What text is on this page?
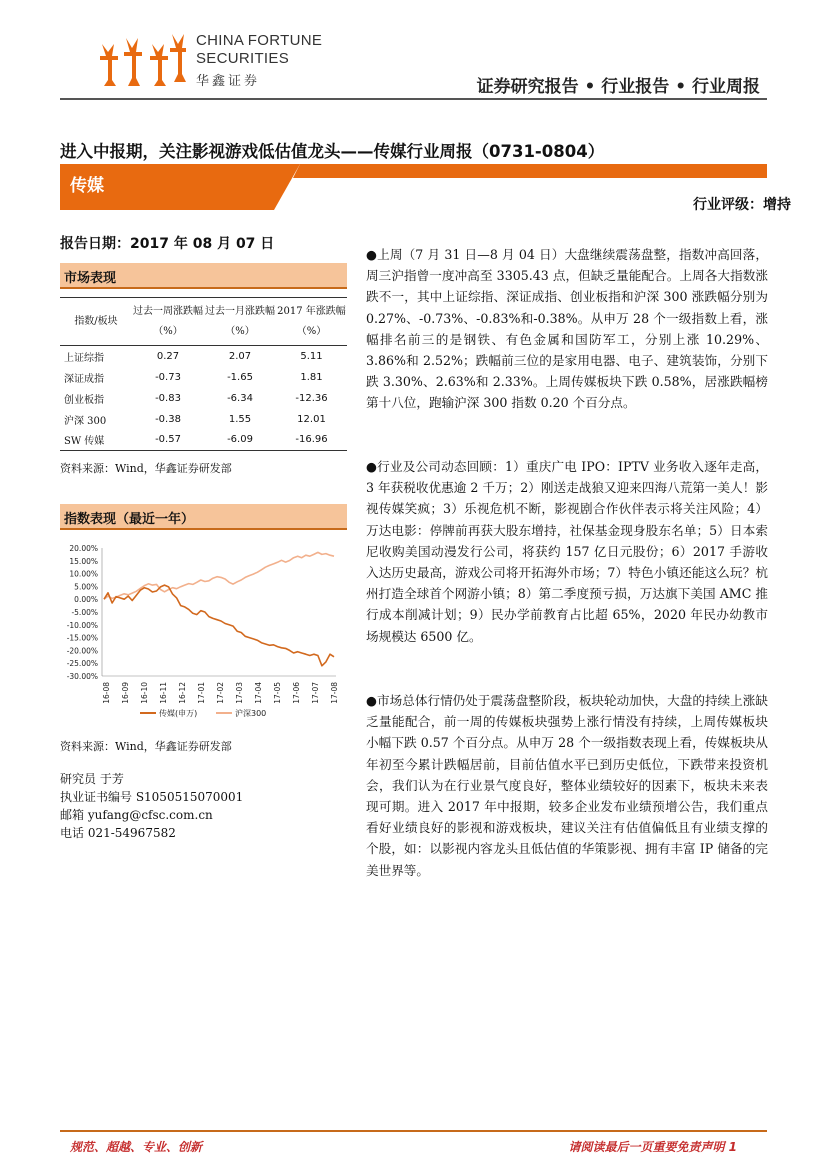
CHINA FORTUNE
SECURITIES
华鑫证券	证券研究报告 • 行业报告 • 行业周报
进入中报期，关注影视游戏低估值龙头——传媒行业周报（0731-0804）
传媒
行业评级：增持
报告日期：2017 年 08 月 07 日
市场表现
指数/板块	过去一周涨跌幅（%）	过去一月涨跌幅（%）	2017 年涨跌幅（%）
上证综指	0.27	2.07	5.11
深证成指	-0.73	-1.65	1.81
创业板指	-0.83	-6.34	-12.36
沪深 300	-0.38	1.55	12.01
SW 传媒	-0.57	-6.09	-16.96
资料来源：Wind，华鑫证券研发部
指数表现（最近一年）
20.00%
15.00%
10.00%
5.00%
0.00%
-5.00%
-10.00%
-15.00%
-20.00%
-25.00%
-30.00%
16-08 16-09 16-10 16-11 16-12 17-01 17-02 17-03 17-04 17-05 17-06 17-07 17-08
传媒(申万)	沪深300
资料来源：Wind，华鑫证券研发部
研究员 于芳
执业证书编号 S1050515070001
邮箱 yufang@cfsc.com.cn
电话 021-54967582

●上周（7 月 31 日—8 月 04 日）大盘继续震荡盘整，指数冲高回落，周三沪指曾一度冲高至 3305.43 点，但缺乏量能配合。上周各大指数涨跌不一，其中上证综指、深证成指、创业板指和沪深 300 涨跌幅分别为 0.27%、-0.73%、-0.83%和-0.38%。从申万 28 个一级指数上看，涨幅排名前三的是钢铁、有色金属和国防军工，分别上涨 10.29%、3.86%和 2.52%；跌幅前三位的是家用电器、电子、建筑装饰，分别下跌 3.30%、2.63%和 2.33%。上周传媒板块下跌 0.58%，居涨跌幅榜第十八位，跑输沪深 300 指数 0.20 个百分点。

●行业及公司动态回顾：1）重庆广电 IPO：IPTV 业务收入逐年走高，3 年获税收优惠逾 2 千万；2）刚送走战狼又迎来四海八荒第一美人！影视传媒笑疯；3）乐视危机不断，影视剧合作伙伴表示将关注风险；4）万达电影：停牌前再获大股东增持，社保基金现身股东名单；5）日本索尼收购美国动漫发行公司，将获约 157 亿日元股份；6）2017 手游收入达历史最高，游戏公司将开拓海外市场；7）特色小镇还能这么玩？杭州打造全球首个网游小镇；8）第二季度预亏损，万达旗下美国 AMC 推行成本削减计划；9）民办学前教育占比超 65%，2020 年民办幼教市场规模达 6500 亿。

●市场总体行情仍处于震荡盘整阶段，板块轮动加快，大盘的持续上涨缺乏量能配合，前一周的传媒板块强势上涨行情没有持续，上周传媒板块小幅下跌 0.57 个百分点。从申万 28 个一级指数表现上看，传媒板块从年初至今累计跌幅居前，目前估值水平已到历史低位，下跌带来投资机会，我们认为在行业景气度良好，整体业绩较好的因素下，板块未来表现可期。进入 2017 年中报期，较多企业发布业绩预增公告，我们重点看好业绩良好的影视和游戏板块，建议关注有估值偏低且有业绩支撑的个股，如：以影视内容龙头且低估值的华策影视、拥有丰富 IP 储备的完美世界等。

规范、超越、专业、创新	请阅读最后一页重要免责声明 1
